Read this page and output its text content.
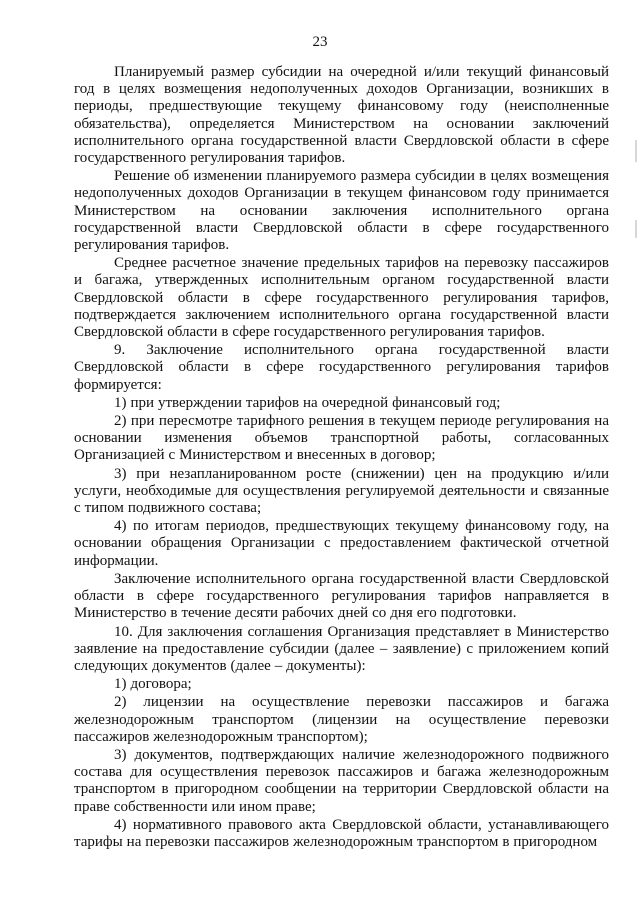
23

Планируемый размер субсидии на очередной и/или текущий финансовый год в целях возмещения недополученных доходов Организации, возникших в периоды, предшествующие текущему финансовому году (неисполненные обязательства), определяется Министерством на основании заключений исполнительного органа государственной власти Свердловской области в сфере государственного регулирования тарифов.

Решение об изменении планируемого размера субсидии в целях возмещения недополученных доходов Организации в текущем финансовом году принимается Министерством на основании заключения исполнительного органа государственной власти Свердловской области в сфере государственного регулирования тарифов.

Среднее расчетное значение предельных тарифов на перевозку пассажиров и багажа, утвержденных исполнительным органом государственной власти Свердловской области в сфере государственного регулирования тарифов, подтверждается заключением исполнительного органа государственной власти Свердловской области в сфере государственного регулирования тарифов.

9. Заключение исполнительного органа государственной власти Свердловской области в сфере государственного регулирования тарифов формируется:

1) при утверждении тарифов на очередной финансовый год;

2) при пересмотре тарифного решения в текущем периоде регулирования на основании изменения объемов транспортной работы, согласованных Организацией с Министерством и внесенных в договор;

3) при незапланированном росте (снижении) цен на продукцию и/или услуги, необходимые для осуществления регулируемой деятельности и связанные с типом подвижного состава;

4) по итогам периодов, предшествующих текущему финансовому году, на основании обращения Организации с предоставлением фактической отчетной информации.

Заключение исполнительного органа государственной власти Свердловской области в сфере государственного регулирования тарифов направляется в Министерство в течение десяти рабочих дней со дня его подготовки.

10. Для заключения соглашения Организация представляет в Министерство заявление на предоставление субсидии (далее – заявление) с приложением копий следующих документов (далее – документы):

1) договора;

2) лицензии на осуществление перевозки пассажиров и багажа железнодорожным транспортом (лицензии на осуществление перевозки пассажиров железнодорожным транспортом);

3) документов, подтверждающих наличие железнодорожного подвижного состава для осуществления перевозок пассажиров и багажа железнодорожным транспортом в пригородном сообщении на территории Свердловской области на праве собственности или ином праве;

4) нормативного правового акта Свердловской области, устанавливающего тарифы на перевозки пассажиров железнодорожным транспортом в пригородном
